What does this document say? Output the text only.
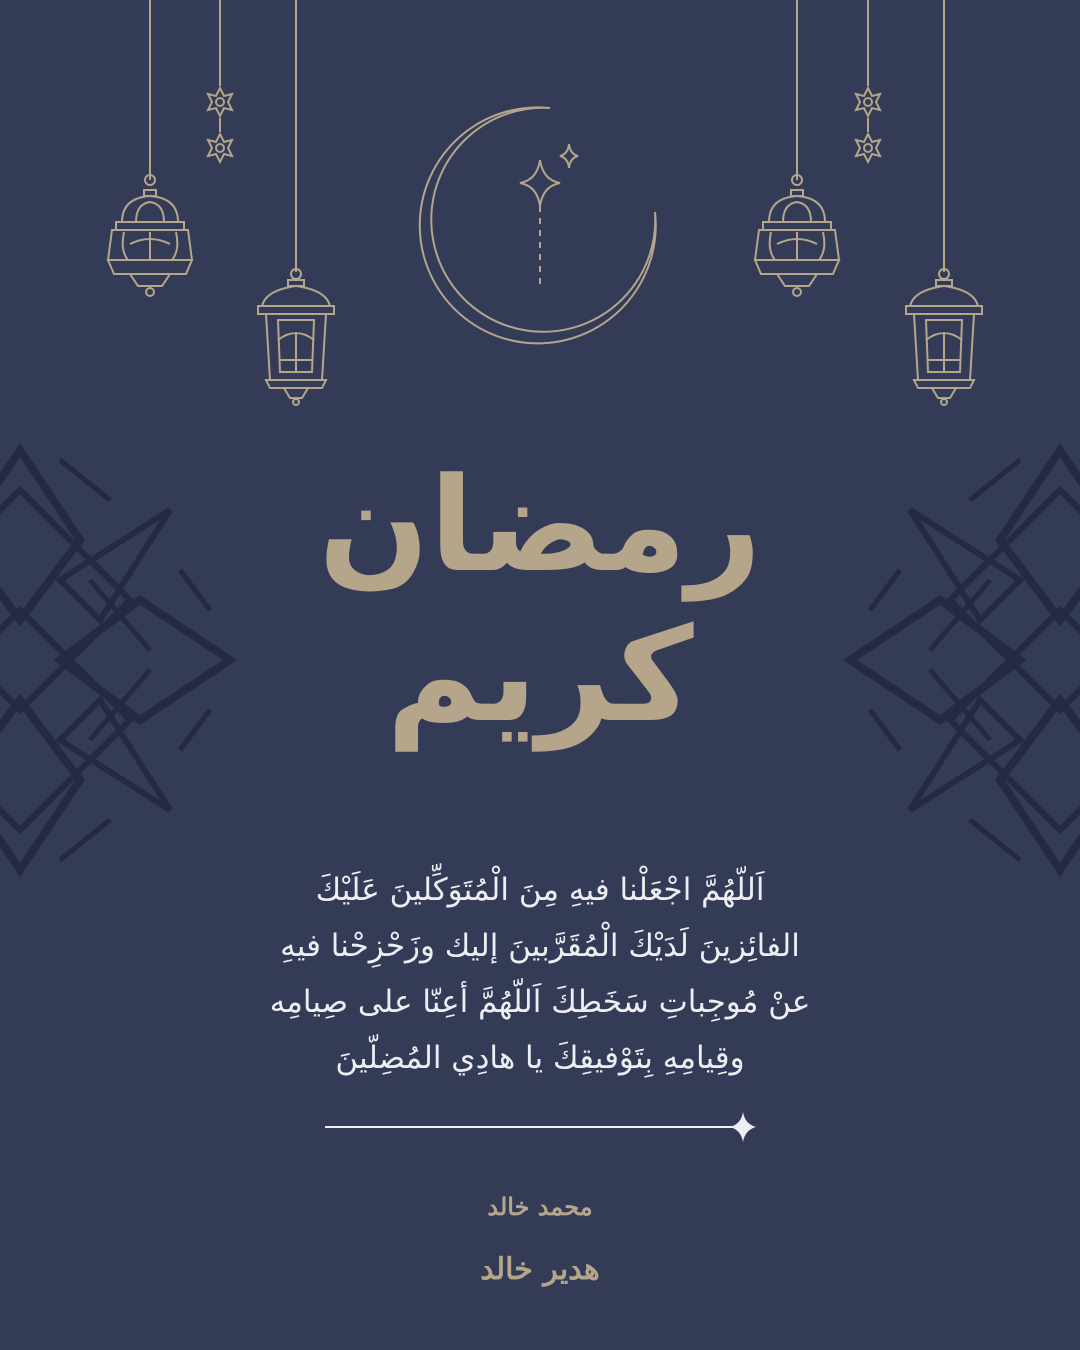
رمضان
كريم
اَللّهُمَّ اجْعَلْنا فيهِ مِنَ الْمُتَوَكِّلينَ عَلَيْكَ
الفائِزينَ لَدَيْكَ الْمُقَرَّبينَ إليك وزَحْزِحْنا فيهِ
عنْ مُوجِباتِ سَخَطِكَ اَللّهُمَّ أعِنّا على صِيامِه
وقِيامِهِ بِتَوْفيقِكَ يا هادِي المُضِلّينَ
محمد خالد
هدير خالد
